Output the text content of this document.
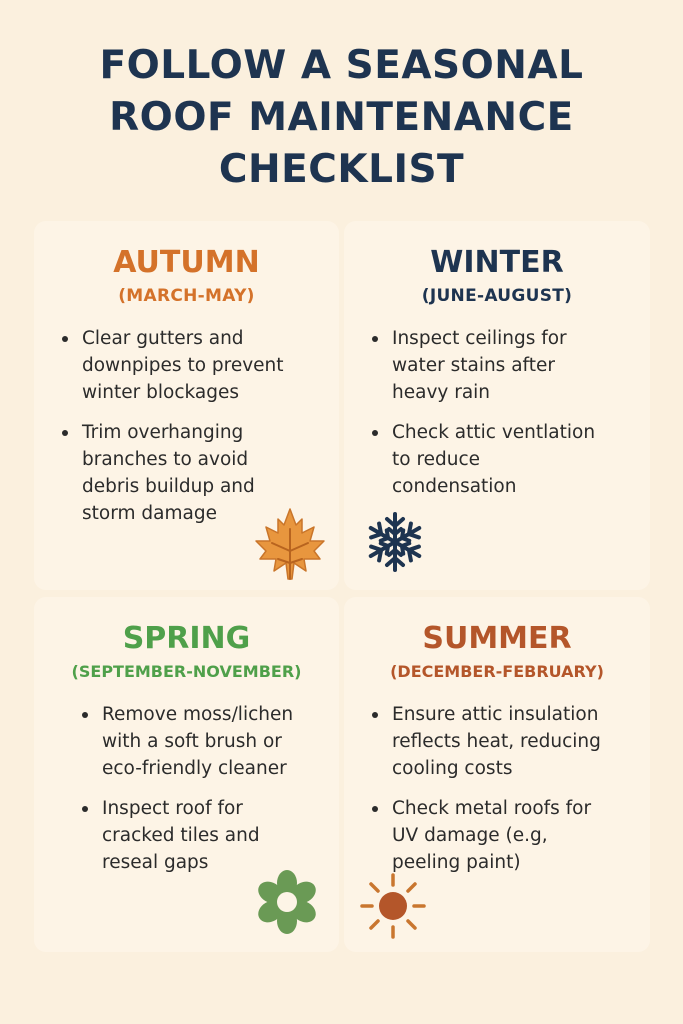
FOLLOW A SEASONAL
ROOF MAINTENANCE
CHECKLIST
AUTUMN
(MARCH-MAY)
Clear gutters and downpipes to prevent winter blockages
Trim overhanging branches to avoid debris buildup and storm damage
WINTER
(JUNE-AUGUST)
Inspect ceilings for water stains after heavy rain
Check attic ventlation to reduce condensation
SPRING
(SEPTEMBER-NOVEMBER)
Remove moss/lichen with a soft brush or eco-friendly cleaner
Inspect roof for cracked tiles and reseal gaps
SUMMER
(DECEMBER-FEBRUARY)
Ensure attic insulation reflects heat, reducing cooling costs
Check metal roofs for UV damage (e.g, peeling paint)
